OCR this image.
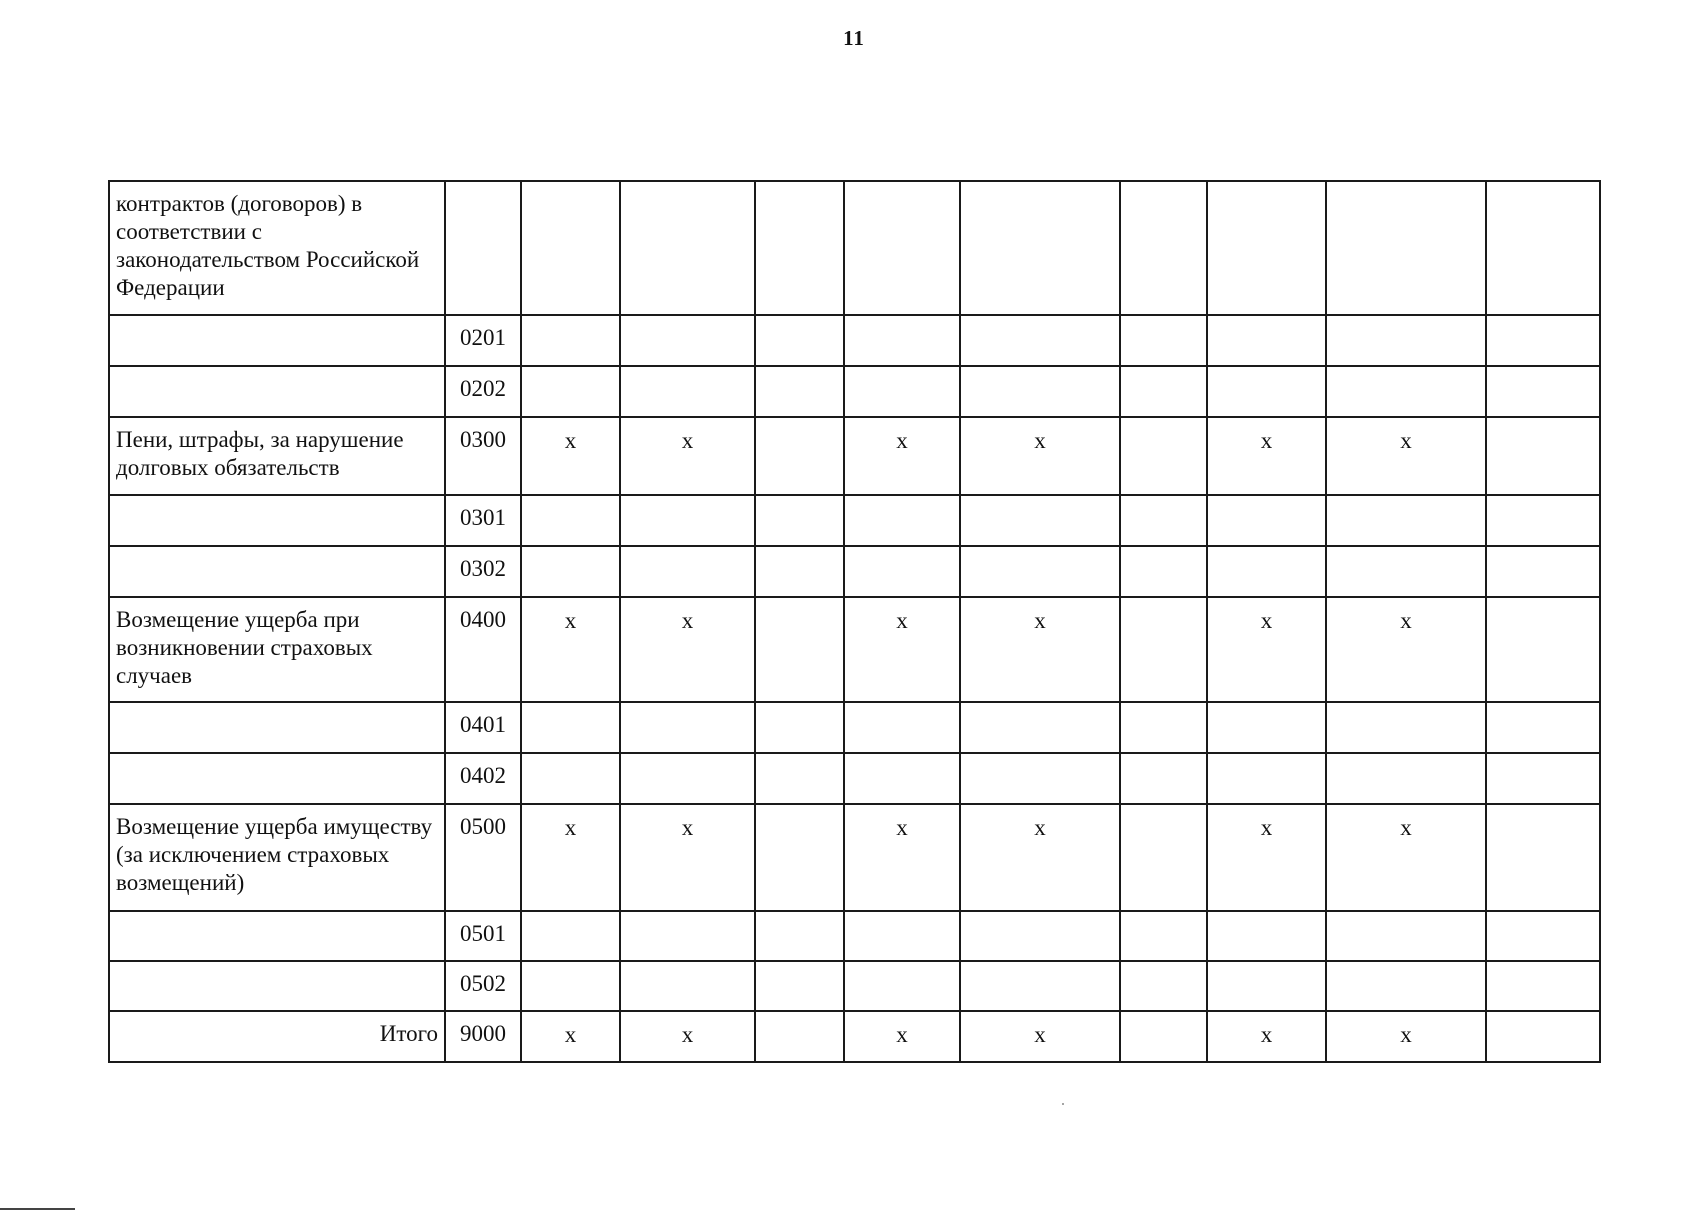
11
контрактов (договоров) в соответствии с законодательством Российской Федерации										
	0201									
	0202									
Пени, штрафы, за нарушение долговых обязательств	0300	x	x		x	x		x	x	
	0301									
	0302									
Возмещение ущерба при возникновении страховых случаев	0400	x	x		x	x		x	x	
	0401									
	0402									
Возмещение ущерба имуществу (за исключением страховых возмещений)	0500	x	x		x	x		x	x	
	0501									
	0502									
Итого	9000	x	x		x	x		x	x	
